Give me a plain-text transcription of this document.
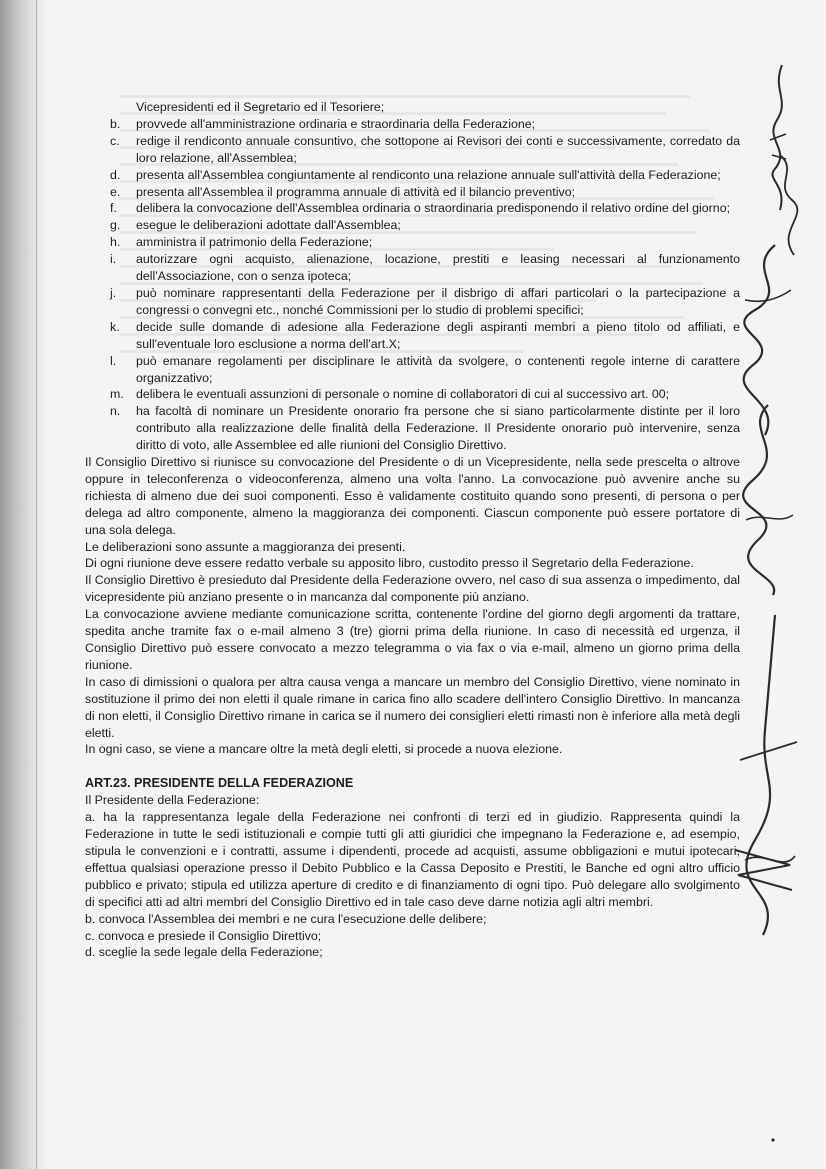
Vicepresidenti ed il Segretario ed il Tesoriere;
b.	provvede all'amministrazione ordinaria e straordinaria della Federazione;
c.	redige il rendiconto annuale consuntivo, che sottopone ai Revisori dei conti e successivamente, corredato da loro relazione, all'Assemblea;
d.	presenta all'Assemblea congiuntamente al rendiconto una relazione annuale sull'attività della Federazione;
e.	presenta all'Assemblea il programma annuale di attività ed il bilancio preventivo;
f.	delibera la convocazione dell'Assemblea ordinaria o straordinaria predisponendo il relativo ordine del giorno;
g.	esegue le deliberazioni adottate dall'Assemblea;
h.	amministra il patrimonio della Federazione;
i.	autorizzare ogni acquisto, alienazione, locazione, prestiti e leasing necessari al funzionamento dell'Associazione, con o senza ipoteca;
j.	può nominare rappresentanti della Federazione per il disbrigo di affari particolari o la partecipazione a congressi o convegni etc., nonché Commissioni per lo studio di problemi specifici;
k.	decide sulle domande di adesione alla Federazione degli aspiranti membri a pieno titolo od affiliati, e sull'eventuale loro esclusione a norma dell'art.X;
l.	può emanare regolamenti per disciplinare le attività da svolgere, o contenenti regole interne di carattere organizzativo;
m. delibera le eventuali assunzioni di personale o nomine di collaboratori di cui al successivo art. 00;
n.	ha facoltà di nominare un Presidente onorario fra persone che si siano particolarmente distinte per il loro contributo alla realizzazione delle finalità della Federazione. Il Presidente onorario può intervenire, senza diritto di voto, alle Assemblee ed alle riunioni del Consiglio Direttivo.

Il Consiglio Direttivo si riunisce su convocazione del Presidente o di un Vicepresidente, nella sede prescelta o altrove oppure in teleconferenza o videoconferenza, almeno una volta l'anno. La convocazione può avvenire anche su richiesta di almeno due dei suoi componenti. Esso è validamente costituito quando sono presenti, di persona o per delega ad altro componente, almeno la maggioranza dei componenti. Ciascun componente può essere portatore di una sola delega.

Le deliberazioni sono assunte a maggioranza dei presenti.

Di ogni riunione deve essere redatto verbale su apposito libro, custodito presso il Segretario della Federazione.

Il Consiglio Direttivo è presieduto dal Presidente della Federazione ovvero, nel caso di sua assenza o impedimento, dal vicepresidente più anziano presente o in mancanza dal componente più anziano.

La convocazione avviene mediante comunicazione scritta, contenente l'ordine del giorno degli argomenti da trattare, spedita anche tramite fax o e-mail almeno 3 (tre) giorni prima della riunione. In caso di necessità ed urgenza, il Consiglio Direttivo può essere convocato a mezzo telegramma o via fax o via e-mail, almeno un giorno prima della riunione.

In caso di dimissioni o qualora per altra causa venga a mancare un membro del Consiglio Direttivo, viene nominato in sostituzione il primo dei non eletti il quale rimane in carica fino allo scadere dell'intero Consiglio Direttivo. In mancanza di non eletti, il Consiglio Direttivo rimane in carica se il numero dei consiglieri eletti rimasti non è inferiore alla metà degli eletti.

In ogni caso, se viene a mancare oltre la metà degli eletti, si procede a nuova elezione.

ART.23. PRESIDENTE DELLA FEDERAZIONE

Il Presidente della Federazione:

a. ha la rappresentanza legale della Federazione nei confronti di terzi ed in giudizio. Rappresenta quindi la Federazione in tutte le sedi istituzionali e compie tutti gli atti giuridici che impegnano la Federazione e, ad esempio, stipula le convenzioni e i contratti, assume i dipendenti, procede ad acquisti, assume obbligazioni e mutui ipotecari, effettua qualsiasi operazione presso il Debito Pubblico e la Cassa Deposito e Prestiti, le Banche ed ogni altro ufficio pubblico e privato; stipula ed utilizza aperture di credito e di finanziamento di ogni tipo. Può delegare allo svolgimento di specifici atti ad altri membri del Consiglio Direttivo ed in tale caso deve darne notizia agli altri membri.

b. convoca l'Assemblea dei membri e ne cura l'esecuzione delle delibere;

c. convoca e presiede il Consiglio Direttivo;

d. sceglie la sede legale della Federazione;
